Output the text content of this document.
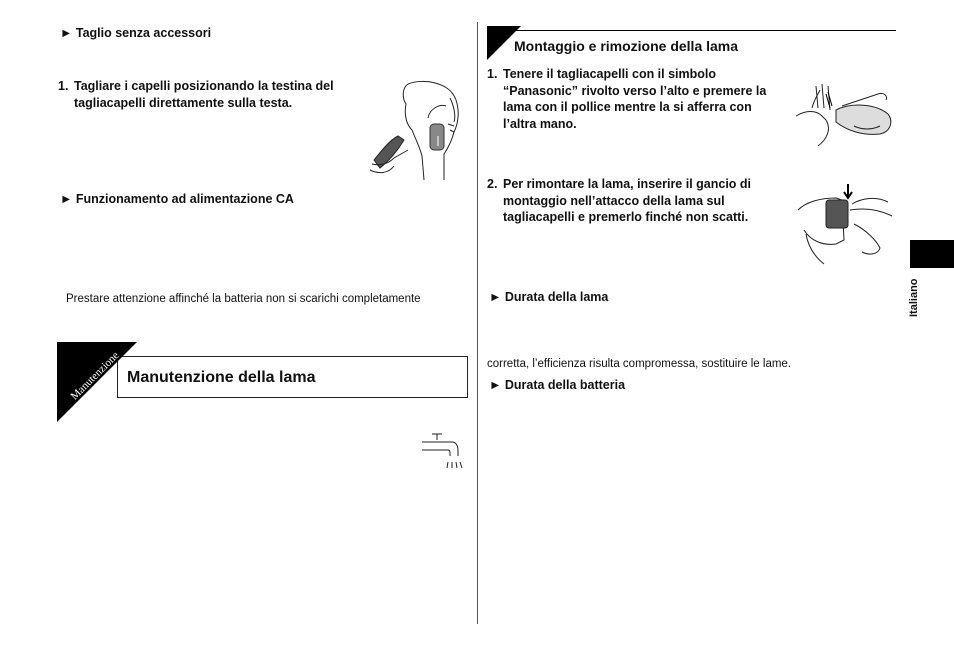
► Taglio senza accessori
1. Tagliare i capelli posizionando la testina del
tagliacapelli direttamente sulla testa.
► Funzionamento ad alimentazione CA
Prestare attenzione affinché la batteria non si scarichi completamente
Manutenzione Manutenzione della lama
Montaggio e rimozione della lama
1. Tenere il tagliacapelli con il simbolo
“Panasonic” rivolto verso l’alto e premere la
lama con il pollice mentre la si afferra con
l’altra mano.
2. Per rimontare la lama, inserire il gancio di
montaggio nell’attacco della lama sul
tagliacapelli e premerlo finché non scatti.
► Durata della lama
corretta, l’efficienza risulta compromessa, sostituire le lame.
► Durata della batteria
Italiano
